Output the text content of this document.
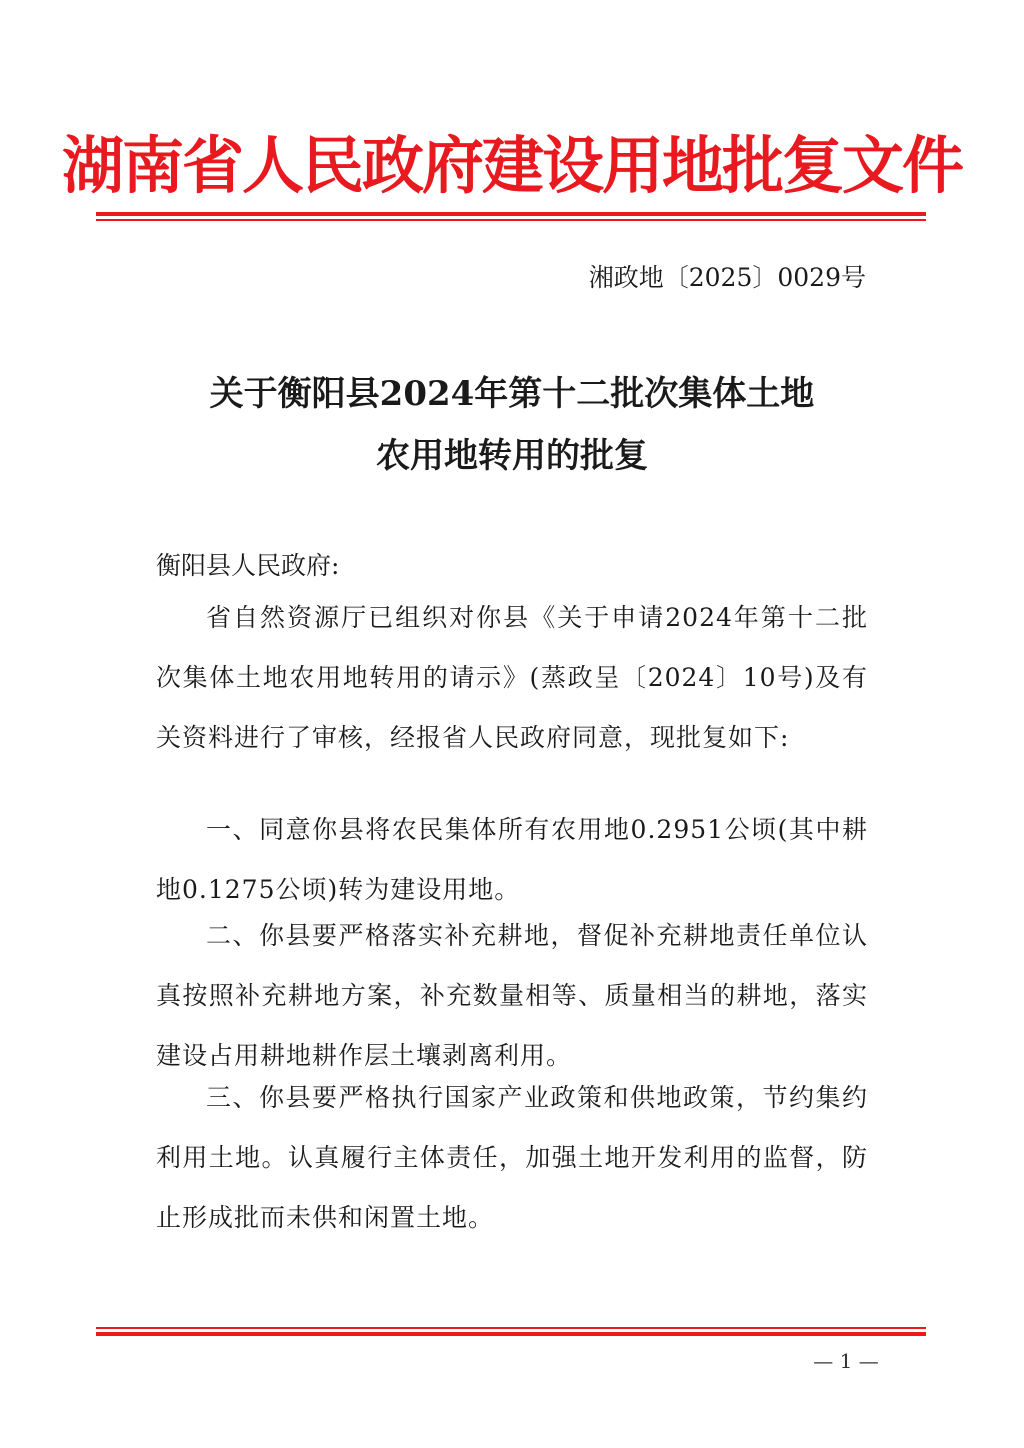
湖南省人民政府建设用地批复文件
湘政地〔2025〕0029号
关于衡阳县2024年第十二批次集体土地
农用地转用的批复
衡阳县人民政府:

省自然资源厅已组织对你县《关于申请2024年第十二批次集体土地农用地转用的请示》(蒸政呈〔2024〕10号)及有关资料进行了审核，经报省人民政府同意，现批复如下:

一、同意你县将农民集体所有农用地0.2951公顷(其中耕地0.1275公顷)转为建设用地。

二、你县要严格落实补充耕地，督促补充耕地责任单位认真按照补充耕地方案，补充数量相等、质量相当的耕地，落实建设占用耕地耕作层土壤剥离利用。

三、你县要严格执行国家产业政策和供地政策，节约集约利用土地。认真履行主体责任，加强土地开发利用的监督，防止形成批而未供和闲置土地。

— 1 —
